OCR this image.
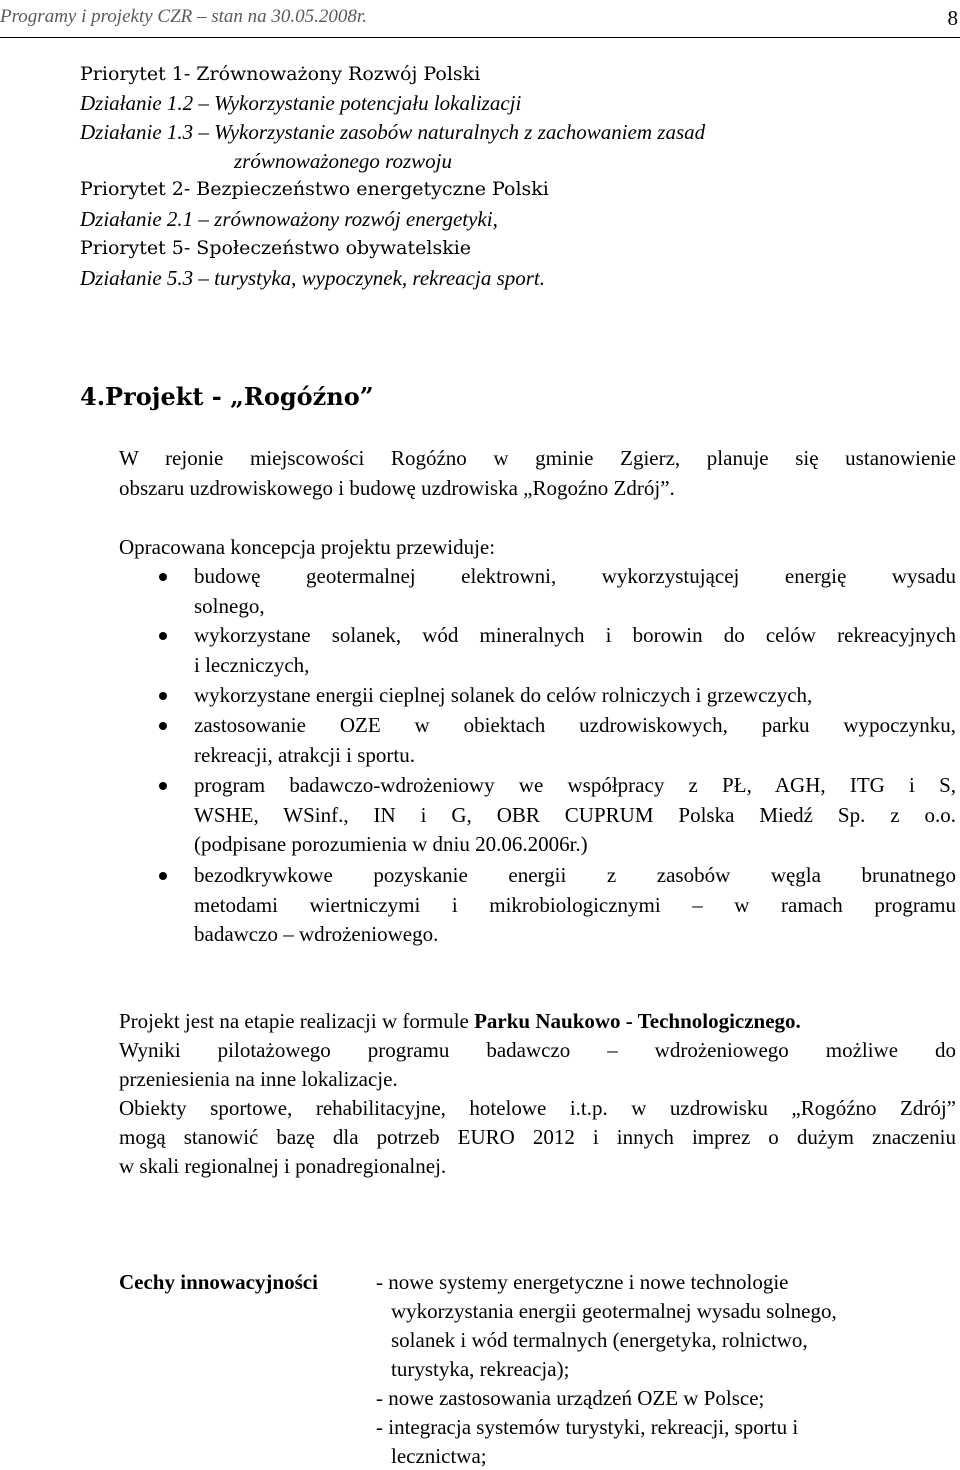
Programy i projekty CZR – stan na 30.05.2008r.	8
Priorytet 1- Zrównoważony Rozwój Polski
Działanie 1.2 – Wykorzystanie potencjału lokalizacji
Działanie 1.3 – Wykorzystanie zasobów naturalnych z zachowaniem zasad
zrównoważonego rozwoju
Priorytet 2- Bezpieczeństwo energetyczne Polski
Działanie 2.1 – zrównoważony rozwój energetyki,
Priorytet 5- Społeczeństwo obywatelskie
Działanie 5.3 – turystyka, wypoczynek, rekreacja sport.
4.Projekt - „Rogóźno”
W rejonie miejscowości Rogóźno w gminie Zgierz, planuje się ustanowienie
obszaru uzdrowiskowego i budowę uzdrowiska „Rogoźno Zdrój”.
Opracowana koncepcja projektu przewiduje:
budowę geotermalnej elektrowni, wykorzystującej energię wysadu
solnego,
wykorzystane solanek, wód mineralnych i borowin do celów rekreacyjnych
i leczniczych,
wykorzystane energii cieplnej solanek do celów rolniczych i grzewczych,
zastosowanie OZE w obiektach uzdrowiskowych, parku wypoczynku,
rekreacji, atrakcji i sportu.
program badawczo-wdrożeniowy we współpracy z PŁ, AGH, ITG i S,
WSHE, WSinf., IN i G, OBR CUPRUM Polska Miedź Sp. z o.o.
(podpisane porozumienia w dniu 20.06.2006r.)
bezodkrywkowe pozyskanie energii z zasobów węgla brunatnego
metodami wiertniczymi i mikrobiologicznymi – w ramach programu
badawczo – wdrożeniowego.
Projekt jest na etapie realizacji w formule Parku Naukowo - Technologicznego.
Wyniki pilotażowego programu badawczo – wdrożeniowego możliwe do
przeniesienia na inne lokalizacje.
Obiekty sportowe, rehabilitacyjne, hotelowe i.t.p. w uzdrowisku „Rogóźno Zdrój”
mogą stanowić bazę dla potrzeb EURO 2012 i innych imprez o dużym znaczeniu
w skali regionalnej i ponadregionalnej.
Cechy innowacyjności	- nowe systemy energetyczne i nowe technologie
wykorzystania energii geotermalnej wysadu solnego,
solanek i wód termalnych (energetyka, rolnictwo,
turystyka, rekreacja);
- nowe zastosowania urządzeń OZE w Polsce;
- integracja systemów turystyki, rekreacji, sportu i
lecznictwa;
